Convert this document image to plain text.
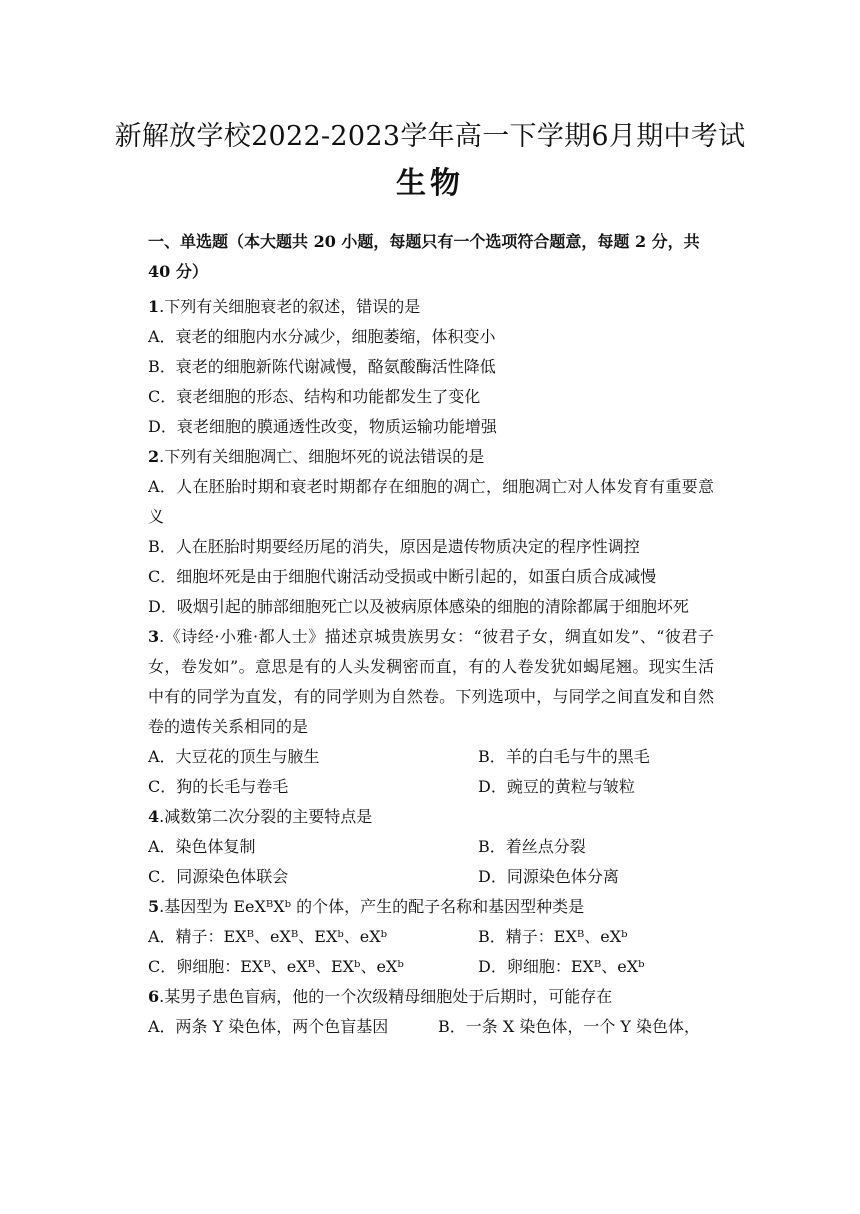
新解放学校2022-2023学年高一下学期6月期中考试
生物
一、单选题（本大题共 20 小题，每题只有一个选项符合题意，每题 2 分，共 40 分）
1.下列有关细胞衰老的叙述，错误的是
A．衰老的细胞内水分减少，细胞萎缩，体积变小
B．衰老的细胞新陈代谢减慢，酪氨酸酶活性降低
C．衰老细胞的形态、结构和功能都发生了变化
D．衰老细胞的膜通透性改变，物质运输功能增强
2.下列有关细胞凋亡、细胞坏死的说法错误的是
A．人在胚胎时期和衰老时期都存在细胞的凋亡，细胞凋亡对人体发育有重要意义
B．人在胚胎时期要经历尾的消失，原因是遗传物质决定的程序性调控
C．细胞坏死是由于细胞代谢活动受损或中断引起的，如蛋白质合成减慢
D．吸烟引起的肺部细胞死亡以及被病原体感染的细胞的清除都属于细胞坏死
3.《诗经·小雅·都人士》描述京城贵族男女：“彼君子女，绸直如发”、“彼君子女，卷发如”。意思是有的人头发稠密而直，有的人卷发犹如蝎尾翘。现实生活中有的同学为直发，有的同学则为自然卷。下列选项中，与同学之间直发和自然卷的遗传关系相同的是
A．大豆花的顶生与腋生	B．羊的白毛与牛的黑毛
C．狗的长毛与卷毛	D．豌豆的黄粒与皱粒
4.减数第二次分裂的主要特点是
A．染色体复制	B．着丝点分裂
C．同源染色体联会	D．同源染色体分离
5.基因型为 EeXᴮXᵇ 的个体，产生的配子名称和基因型种类是
A．精子：EXᴮ、eXᴮ、EXᵇ、eXᵇ	B．精子：EXᴮ、eXᵇ
C．卵细胞：EXᴮ、eXᴮ、EXᵇ、eXᵇ	D．卵细胞：EXᴮ、eXᵇ
6.某男子患色盲病，他的一个次级精母细胞处于后期时，可能存在
A．两条 Y 染色体，两个色盲基因	B．一条 X 染色体，一个 Y 染色体，
